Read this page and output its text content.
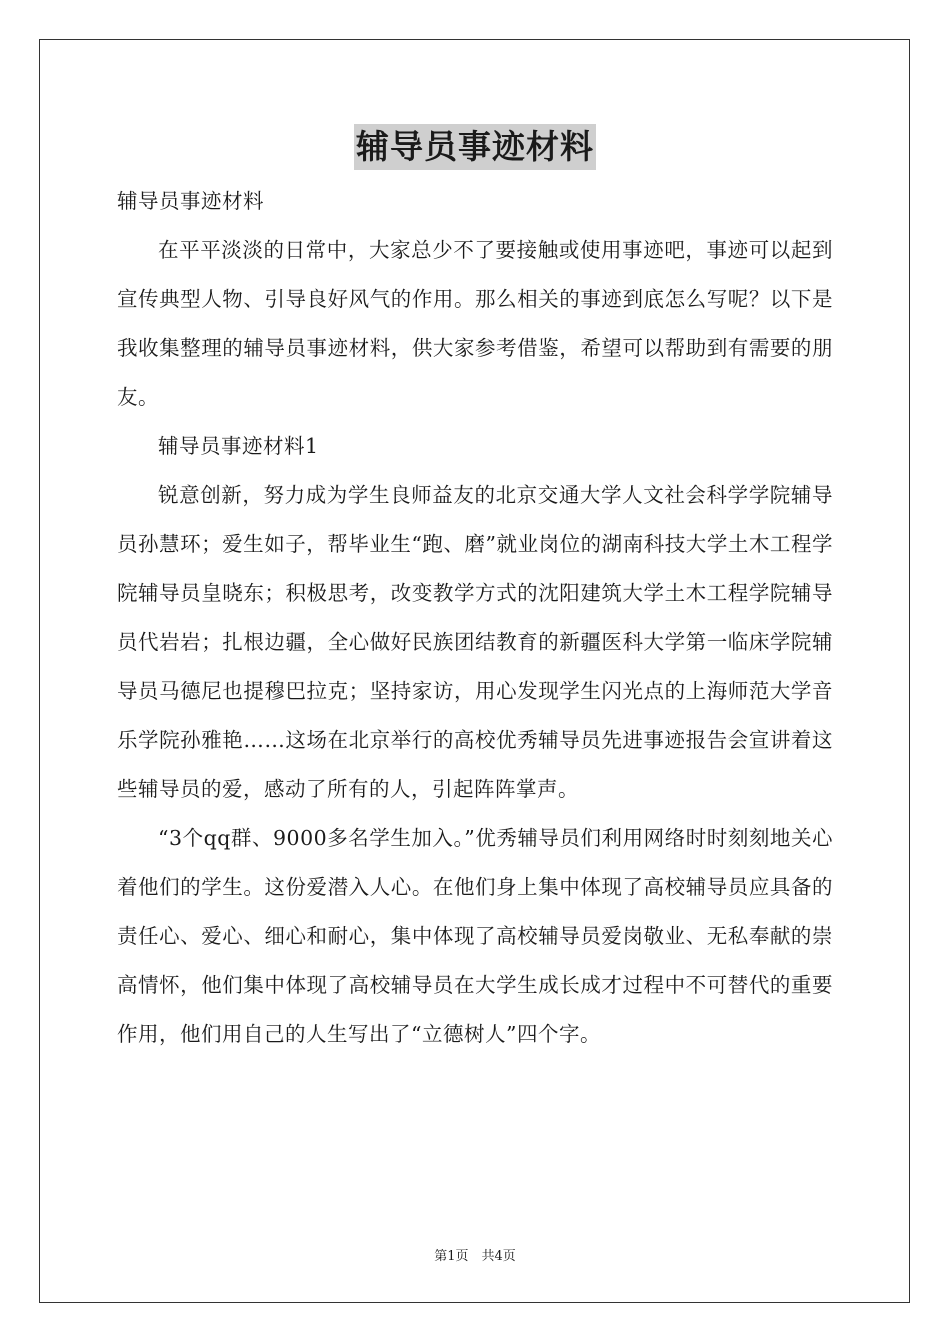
辅导员事迹材料

辅导员事迹材料

在平平淡淡的日常中，大家总少不了要接触或使用事迹吧，事迹可以起到宣传典型人物、引导良好风气的作用。那么相关的事迹到底怎么写呢？以下是我收集整理的辅导员事迹材料，供大家参考借鉴，希望可以帮助到有需要的朋友。

辅导员事迹材料1

锐意创新，努力成为学生良师益友的北京交通大学人文社会科学学院辅导员孙慧环；爱生如子，帮毕业生“跑、磨”就业岗位的湖南科技大学土木工程学院辅导员皇晓东；积极思考，改变教学方式的沈阳建筑大学土木工程学院辅导员代岩岩；扎根边疆，全心做好民族团结教育的新疆医科大学第一临床学院辅导员马德尼也提穆巴拉克；坚持家访，用心发现学生闪光点的上海师范大学音乐学院孙雅艳……这场在北京举行的高校优秀辅导员先进事迹报告会宣讲着这些辅导员的爱，感动了所有的人，引起阵阵掌声。

“3个qq群、9000多名学生加入。”优秀辅导员们利用网络时时刻刻地关心着他们的学生。这份爱潜入人心。在他们身上集中体现了高校辅导员应具备的责任心、爱心、细心和耐心，集中体现了高校辅导员爱岗敬业、无私奉献的崇高情怀，他们集中体现了高校辅导员在大学生成长成才过程中不可替代的重要作用，他们用自己的人生写出了“立德树人”四个字。

第1页　共4页
